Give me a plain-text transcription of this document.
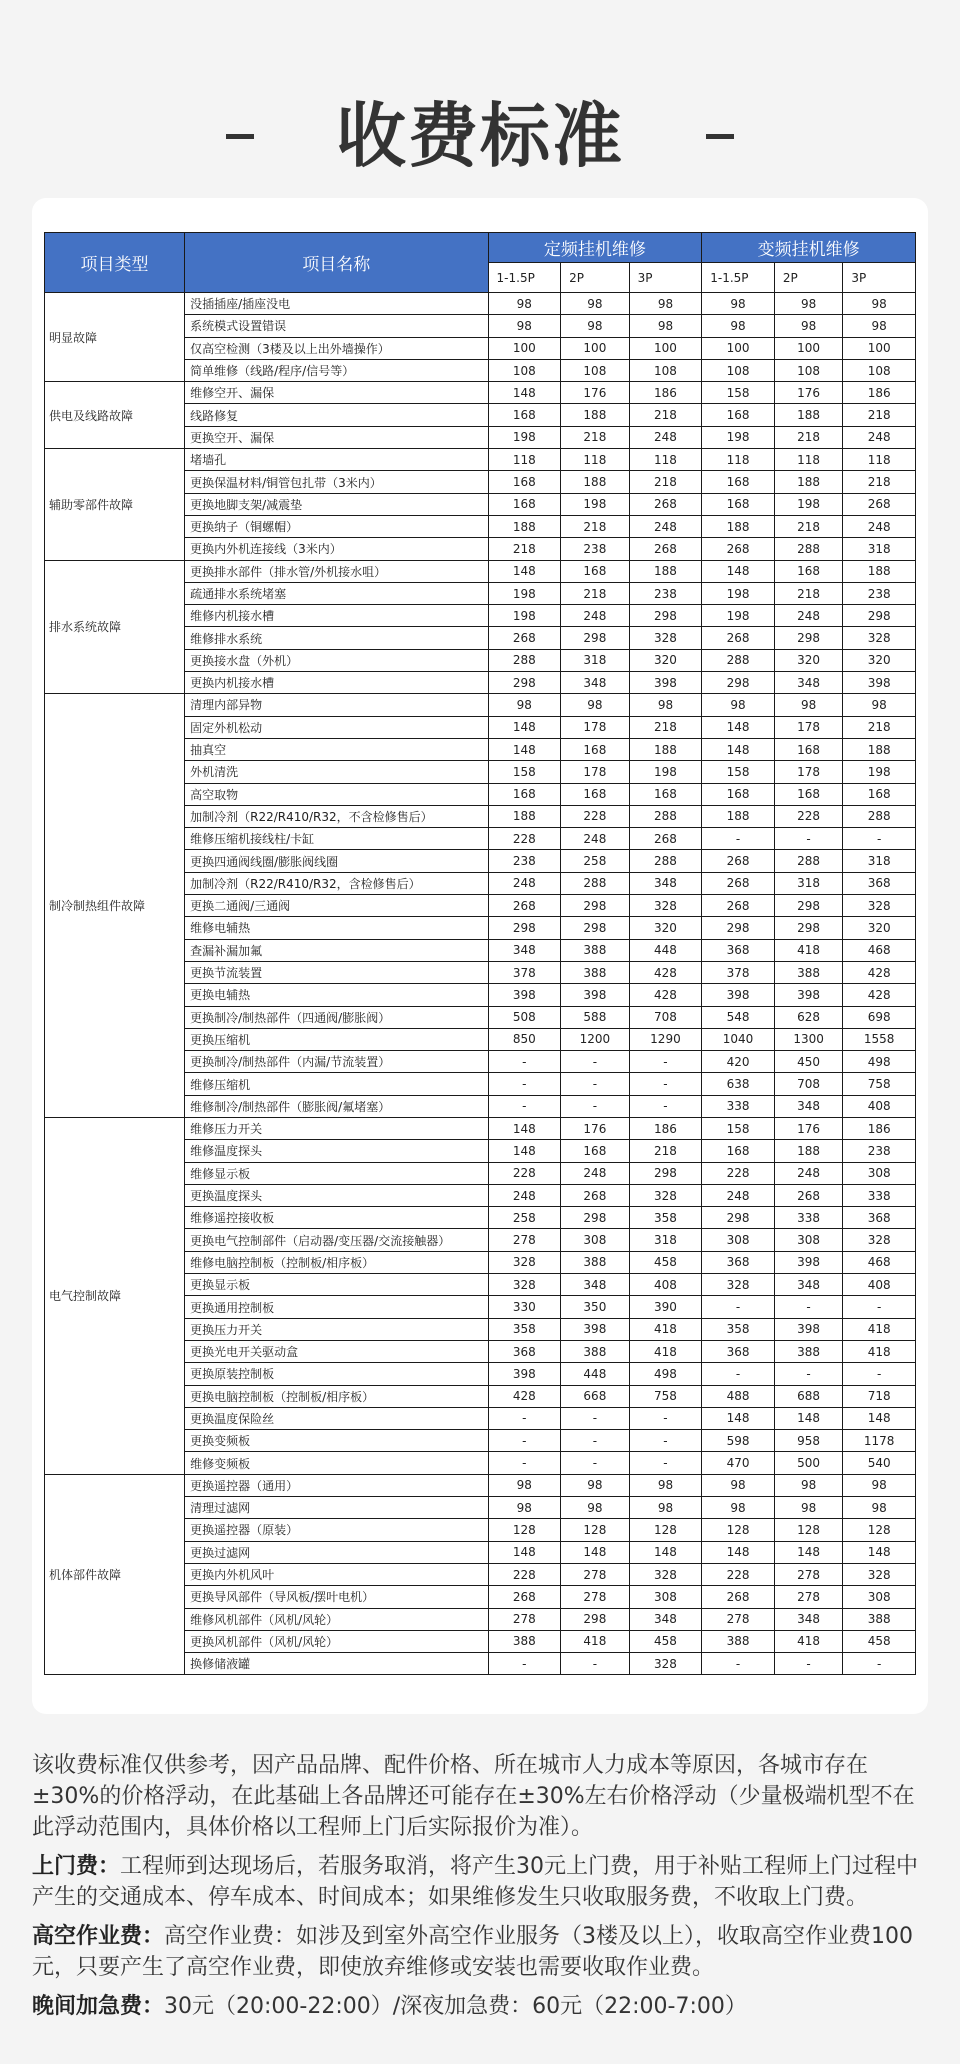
收费标准
项目类型	项目名称	定频挂机维修			变频挂机维修		
		1-1.5P	2P	3P	1-1.5P	2P	3P
明显故障	没插插座/插座没电	98	98	98	98	98	98
	系统模式设置错误	98	98	98	98	98	98
	仅高空检测（3楼及以上出外墙操作）	100	100	100	100	100	100
	简单维修（线路/程序/信号等）	108	108	108	108	108	108
供电及线路故障	维修空开、漏保	148	176	186	158	176	186
	线路修复	168	188	218	168	188	218
	更换空开、漏保	198	218	248	198	218	248
辅助零部件故障	堵墙孔	118	118	118	118	118	118
	更换保温材料/铜管包扎带（3米内）	168	188	218	168	188	218
	更换地脚支架/减震垫	168	198	268	168	198	268
	更换纳子（铜螺帽）	188	218	248	188	218	248
	更换内外机连接线（3米内）	218	238	268	268	288	318
排水系统故障	更换排水部件（排水管/外机接水咀）	148	168	188	148	168	188
	疏通排水系统堵塞	198	218	238	198	218	238
	维修内机接水槽	198	248	298	198	248	298
	维修排水系统	268	298	328	268	298	328
	更换接水盘（外机）	288	318	320	288	320	320
	更换内机接水槽	298	348	398	298	348	398
制冷制热组件故障	清理内部异物	98	98	98	98	98	98
	固定外机松动	148	178	218	148	178	218
	抽真空	148	168	188	148	168	188
	外机清洗	158	178	198	158	178	198
	高空取物	168	168	168	168	168	168
	加制冷剂（R22/R410/R32，不含检修售后）	188	228	288	188	228	288
	维修压缩机接线柱/卡缸	228	248	268	-	-	-
	更换四通阀线圈/膨胀阀线圈	238	258	288	268	288	318
	加制冷剂（R22/R410/R32，含检修售后）	248	288	348	268	318	368
	更换二通阀/三通阀	268	298	328	268	298	328
	维修电辅热	298	298	320	298	298	320
	查漏补漏加氟	348	388	448	368	418	468
	更换节流装置	378	388	428	378	388	428
	更换电辅热	398	398	428	398	398	428
	更换制冷/制热部件（四通阀/膨胀阀）	508	588	708	548	628	698
	更换压缩机	850	1200	1290	1040	1300	1558
	更换制冷/制热部件（内漏/节流装置）	-	-	-	420	450	498
	维修压缩机	-	-	-	638	708	758
	维修制冷/制热部件（膨胀阀/氟堵塞）	-	-	-	338	348	408
电气控制故障	维修压力开关	148	176	186	158	176	186
	维修温度探头	148	168	218	168	188	238
	维修显示板	228	248	298	228	248	308
	更换温度探头	248	268	328	248	268	338
	维修遥控接收板	258	298	358	298	338	368
	更换电气控制部件（启动器/变压器/交流接触器）	278	308	318	308	308	328
	维修电脑控制板（控制板/相序板）	328	388	458	368	398	468
	更换显示板	328	348	408	328	348	408
	更换通用控制板	330	350	390	-	-	-
	更换压力开关	358	398	418	358	398	418
	更换光电开关驱动盒	368	388	418	368	388	418
	更换原装控制板	398	448	498	-	-	-
	更换电脑控制板（控制板/相序板）	428	668	758	488	688	718
	更换温度保险丝	-	-	-	148	148	148
	更换变频板	-	-	-	598	958	1178
	维修变频板	-	-	-	470	500	540
机体部件故障	更换遥控器（通用）	98	98	98	98	98	98
	清理过滤网	98	98	98	98	98	98
	更换遥控器（原装）	128	128	128	128	128	128
	更换过滤网	148	148	148	148	148	148
	更换内外机风叶	228	278	328	228	278	328
	更换导风部件（导风板/摆叶电机）	268	278	308	268	278	308
	维修风机部件（风机/风轮）	278	298	348	278	348	388
	更换风机部件（风机/风轮）	388	418	458	388	418	458
	换修储液罐	-	-	328	-	-	-

该收费标准仅供参考，因产品品牌、配件价格、所在城市人力成本等原因，各城市存在±30%的价格浮动，在此基础上各品牌还可能存在±30%左右价格浮动（少量极端机型不在此浮动范围内，具体价格以工程师上门后实际报价为准）。

上门费：工程师到达现场后，若服务取消，将产生30元上门费，用于补贴工程师上门过程中产生的交通成本、停车成本、时间成本；如果维修发生只收取服务费，不收取上门费。

高空作业费：高空作业费：如涉及到室外高空作业服务（3楼及以上），收取高空作业费100元，只要产生了高空作业费，即使放弃维修或安装也需要收取作业费。

晚间加急费：30元（20:00-22:00）/深夜加急费：60元（22:00-7:00）
